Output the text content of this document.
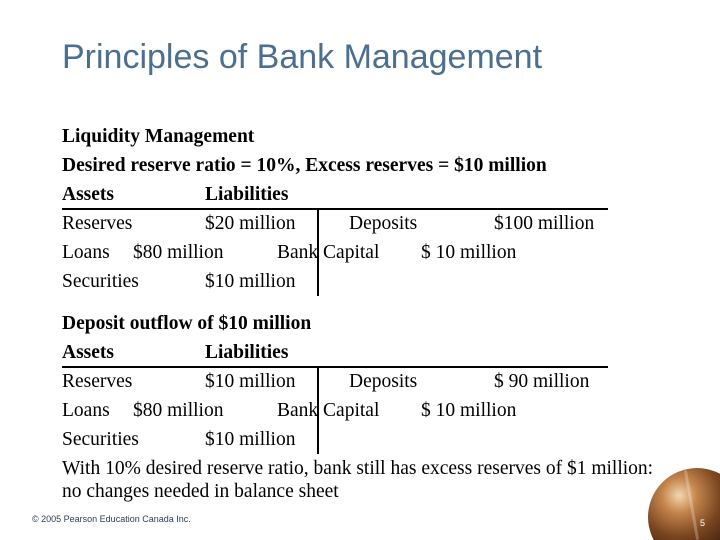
Principles of Bank Management
Liquidity Management
Desired reserve ratio = 10%, Excess reserves = $10 million
Assets	Liabilities
Reserves	$20 million	Deposits	$100 million
Loans $80 million	Bank Capital $ 10 million
Securities	$10 million
Deposit outflow of $10 million
Assets	Liabilities
Reserves	$10 million	Deposits	$ 90 million
Loans $80 million	Bank Capital $ 10 million
Securities	$10 million
With 10% desired reserve ratio, bank still has excess reserves of $1 million: no changes needed in balance sheet
© 2005 Pearson Education Canada Inc.	5
